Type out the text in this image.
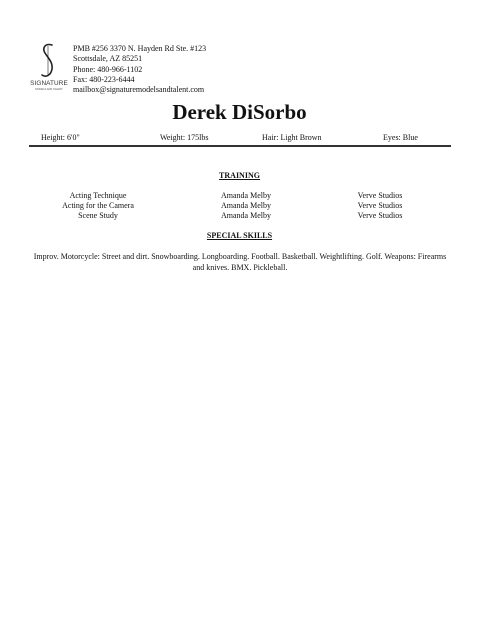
SIGNATURE
MODELS AND TALENT
PMB #256 3370 N. Hayden Rd Ste. #123
Scottsdale, AZ 85251
Phone: 480-966-1102
Fax: 480-223-6444
mailbox@signaturemodelsandtalent.com
Derek DiSorbo
Height: 6'0"	Weight: 175lbs	Hair: Light Brown	Eyes: Blue
TRAINING
Acting Technique	Amanda Melby	Verve Studios
Acting for the Camera	Amanda Melby	Verve Studios
Scene Study	Amanda Melby	Verve Studios
SPECIAL SKILLS
Improv. Motorcycle: Street and dirt. Snowboarding. Longboarding. Football. Basketball. Weightlifting. Golf. Weapons: Firearms and knives. BMX. Pickleball.
